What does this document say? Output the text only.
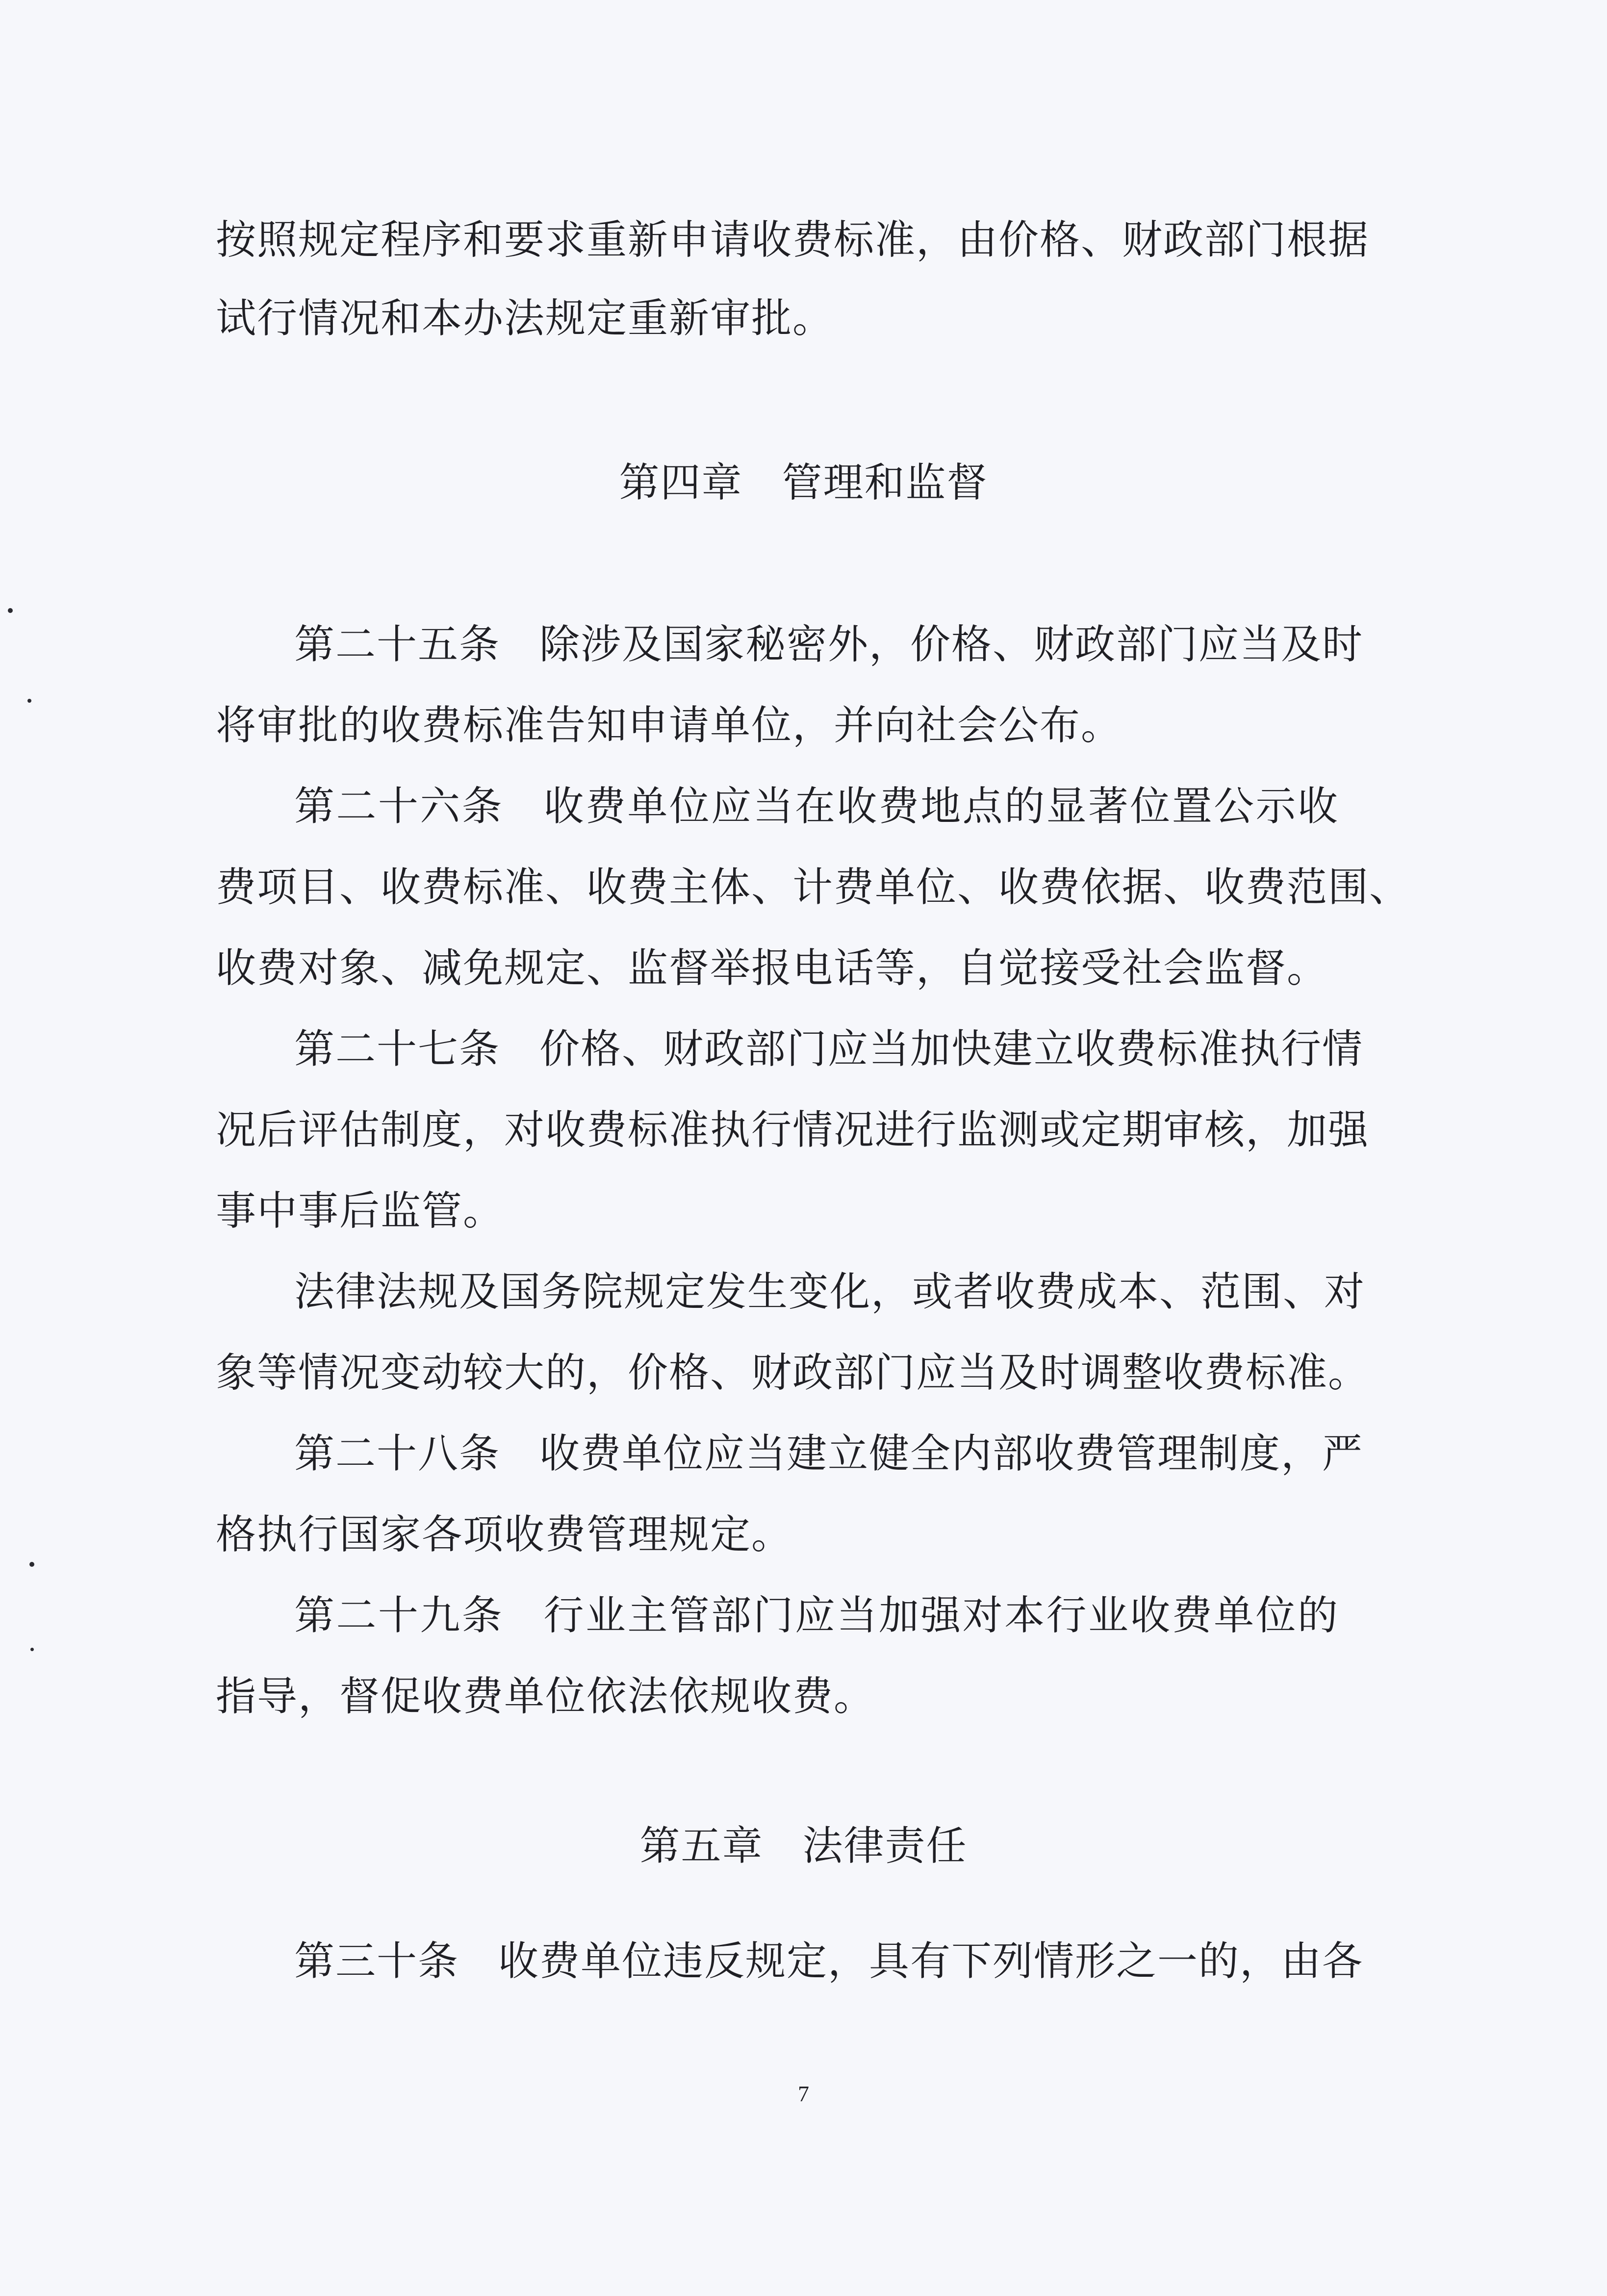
按照规定程序和要求重新申请收费标准，由价格、财政部门根据
试行情况和本办法规定重新审批。
第四章 管理和监督
第二十五条 除涉及国家秘密外，价格、财政部门应当及时
将审批的收费标准告知申请单位，并向社会公布。
第二十六条 收费单位应当在收费地点的显著位置公示收
费项目、收费标准、收费主体、计费单位、收费依据、收费范围、
收费对象、减免规定、监督举报电话等，自觉接受社会监督。
第二十七条 价格、财政部门应当加快建立收费标准执行情
况后评估制度，对收费标准执行情况进行监测或定期审核，加强
事中事后监管。
法律法规及国务院规定发生变化，或者收费成本、范围、对
象等情况变动较大的，价格、财政部门应当及时调整收费标准。
第二十八条 收费单位应当建立健全内部收费管理制度，严
格执行国家各项收费管理规定。
第二十九条 行业主管部门应当加强对本行业收费单位的
指导，督促收费单位依法依规收费。
第五章 法律责任
第三十条 收费单位违反规定，具有下列情形之一的，由各
7
